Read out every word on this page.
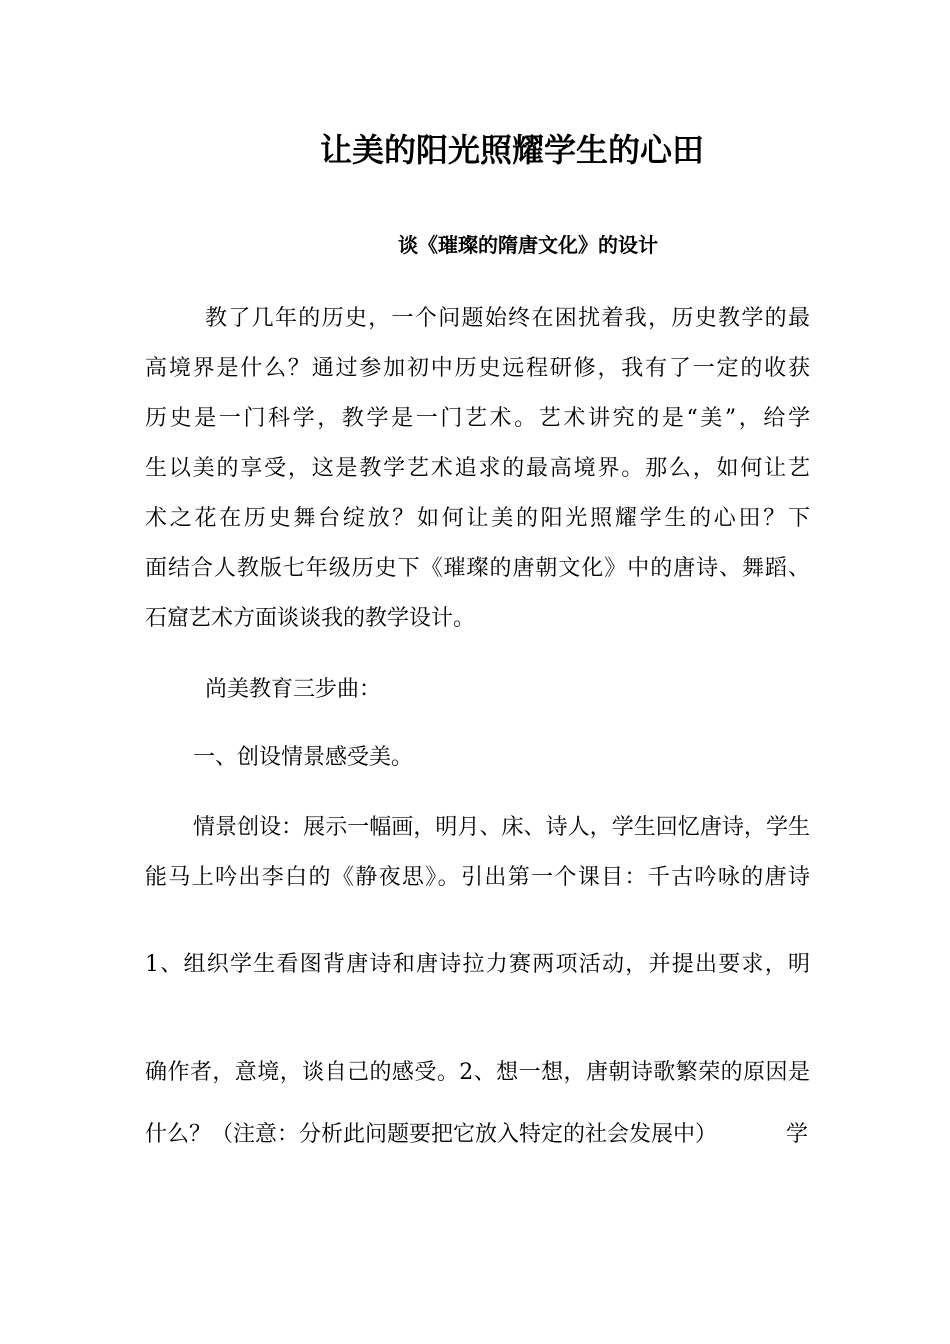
让美的阳光照耀学生的心田
谈《璀璨的隋唐文化》的设计
教了几年的历史，一个问题始终在困扰着我，历史教学的最
高境界是什么？通过参加初中历史远程研修，我有了一定的收获
历史是一门科学，教学是一门艺术。艺术讲究的是“美”，给学
生以美的享受，这是教学艺术追求的最高境界。那么，如何让艺
术之花在历史舞台绽放？如何让美的阳光照耀学生的心田？下
面结合人教版七年级历史下《璀璨的唐朝文化》中的唐诗、舞蹈、
石窟艺术方面谈谈我的教学设计。

尚美教育三步曲：

一、创设情景感受美。

情景创设：展示一幅画，明月、床、诗人，学生回忆唐诗，学生
能马上吟出李白的《静夜思》。引出第一个课目：千古吟咏的唐诗
1、组织学生看图背唐诗和唐诗拉力赛两项活动，并提出要求，明
确作者，意境，谈自己的感受。2、想一想，唐朝诗歌繁荣的原因是

什么？（注意：分析此问题要把它放入特定的社会发展中）	学
